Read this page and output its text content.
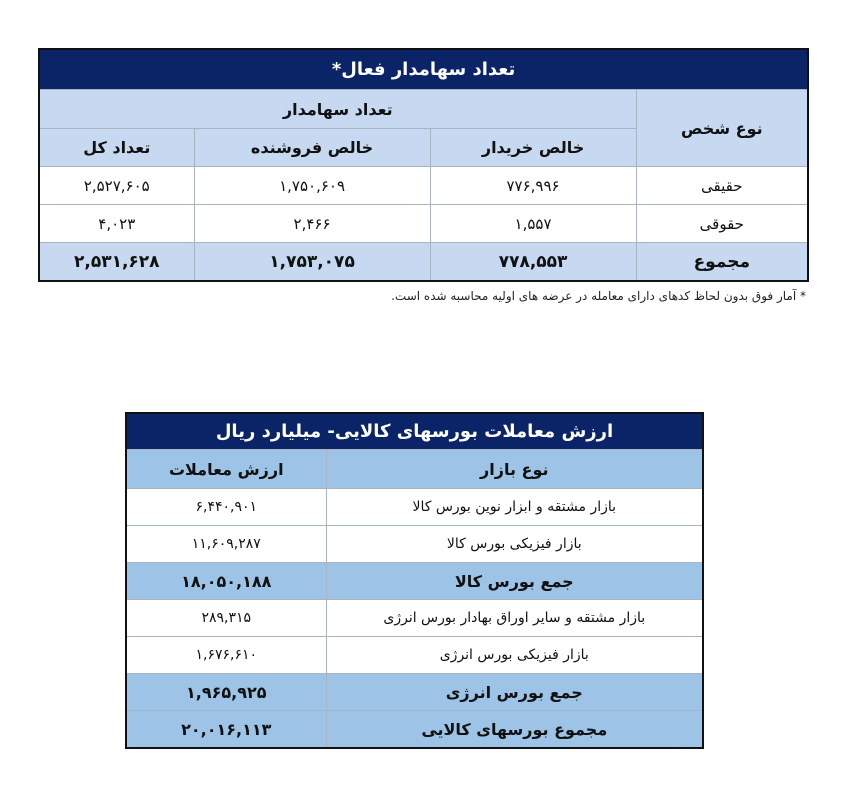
تعداد سهامدار فعال*			
نوع شخص	تعداد سهامدار		
	خالص خریدار	خالص فروشنده	تعداد کل
حقیقی	۷۷۶,۹۹۶	۱,۷۵۰,۶۰۹	۲,۵۲۷,۶۰۵
حقوقی	۱,۵۵۷	۲,۴۶۶	۴,۰۲۳
مجموع	۷۷۸,۵۵۳	۱,۷۵۳,۰۷۵	۲,۵۳۱,۶۲۸
* آمار فوق بدون لحاظ کدهای دارای معامله در عرضه های اولیه محاسبه شده است.
ارزش معاملات بورسهای کالایی- میلیارد ریال	
نوع بازار	ارزش معاملات
بازار مشتقه و ابزار نوین بورس کالا	۶,۴۴۰,۹۰۱
بازار فیزیکی بورس کالا	۱۱,۶۰۹,۲۸۷
جمع بورس کالا	۱۸,۰۵۰,۱۸۸
بازار مشتقه و سایر اوراق بهادار بورس انرژی	۲۸۹,۳۱۵
بازار فیزیکی بورس انرژی	۱,۶۷۶,۶۱۰
جمع بورس انرژی	۱,۹۶۵,۹۲۵
مجموع بورسهای کالایی	۲۰,۰۱۶,۱۱۳
